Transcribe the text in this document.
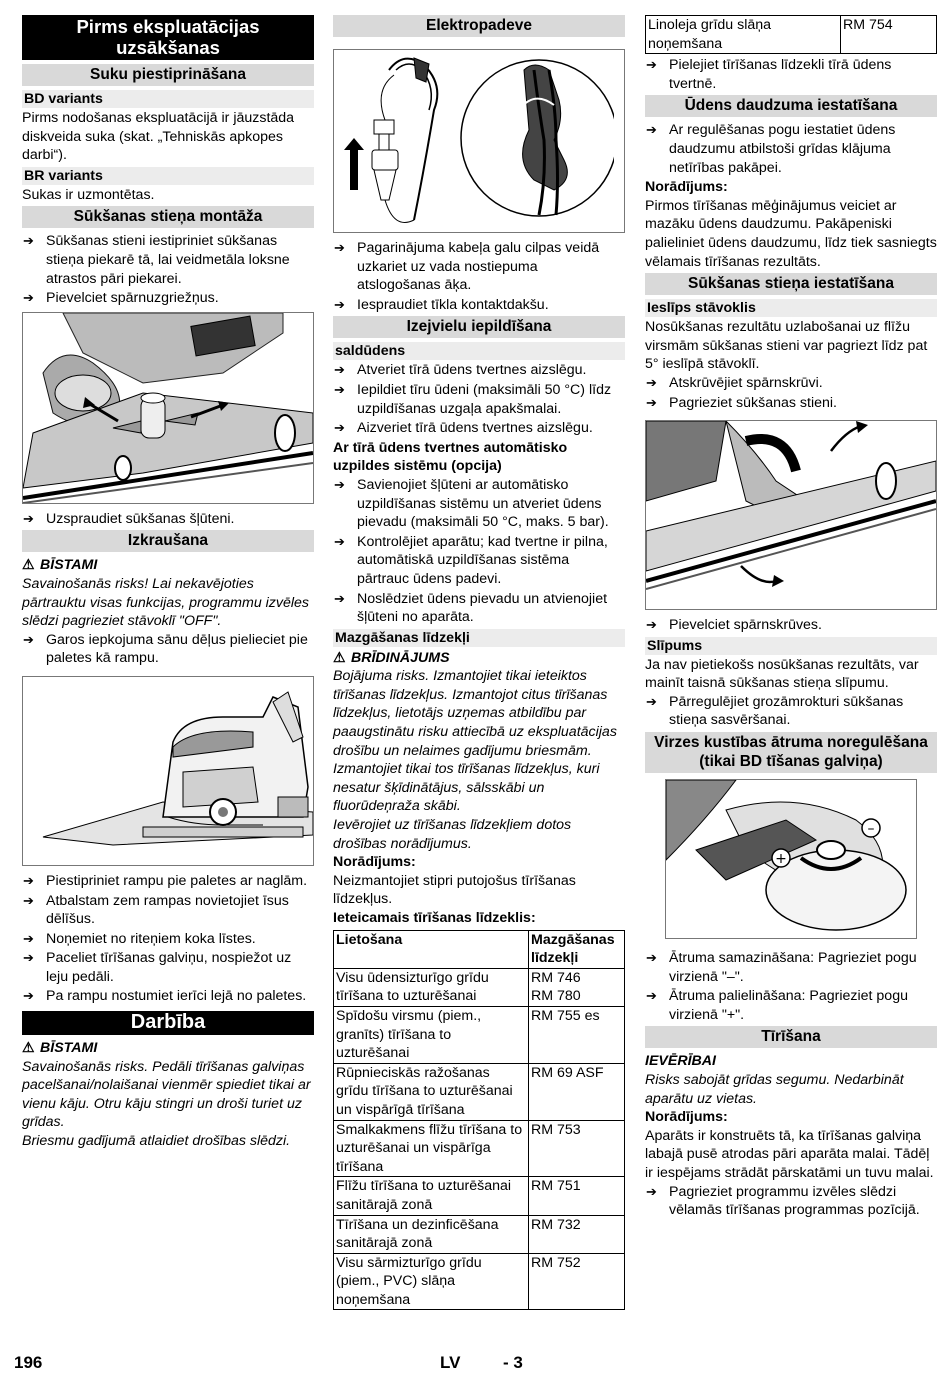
Pirms ekspluatācijas uzsākšanas
Suku piestiprināšana
BD variants

Pirms nodošanas ekspluatācijā ir jāuzstāda diskveida suka (skat. „Tehniskās apkopes darbi“).

BR variants

Sukas ir uzmontētas.

Sūkšanas stieņa montāža
➔ Sūkšanas stieni iestipriniet sūkšanas stieņa piekarē tā, lai veidmetāla loksne atrastos pāri piekarei.
➔ Pievelciet spārnuzgriežņus.
➔ Uzspraudiet sūkšanas šļūteni.
Izkraušana
⚠ BĪSTAMI

Savainošanās risks! Lai nekavējoties pārtrauktu visas funkcijas, programmu izvēles slēdzi pagrieziet stāvoklī "OFF".

➔ Garos iepkojuma sānu dēļus pielieciet pie paletes kā rampu.
➔ Piestipriniet rampu pie paletes ar naglām.
➔ Atbalstam zem rampas novietojiet īsus dēlīšus.
➔ Noņemiet no riteņiem koka līstes.
➔ Paceliet tīrīšanas galviņu, nospiežot uz leju pedāli.
➔ Pa rampu nostumiet ierīci lejā no paletes.
Darbība
⚠ BĪSTAMI

Savainošanās risks. Pedāli tīrīšanas galviņas pacelšanai/nolaišanai vienmēr spiediet tikai ar vienu kāju. Otru kāju stingri un droši turiet uz grīdas.

Briesmu gadījumā atlaidiet drošības slēdzi.

Elektropadeve
➔ Pagarinājuma kabeļa galu cilpas veidā uzkariet uz vada nostiepuma atslogošanas āķa.
➔ Iespraudiet tīkla kontaktdakšu.
Izejvielu iepildīšana
saldūdens
➔ Atveriet tīrā ūdens tvertnes aizslēgu.
➔ Iepildiet tīru ūdeni (maksimāli 50 °C) līdz uzpildīšanas uzgaļa apakšmalai.
➔ Aizveriet tīrā ūdens tvertnes aizslēgu.

Ar tīrā ūdens tvertnes automātisko uzpildes sistēmu (opcija)

➔ Savienojiet šļūteni ar automātisko uzpildīšanas sistēmu un atveriet ūdens pievadu (maksimāli 50 °C, maks. 5 bar).
➔ Kontrolējiet aparātu; kad tvertne ir pilna, automātiskā uzpildīšanas sistēma pārtrauc ūdens padevi.
➔ Noslēdziet ūdens pievadu un atvienojiet šļūteni no aparāta.
Mazgāšanas līdzekļi
⚠ BRĪDINĀJUMS

Bojājuma risks. Izmantojiet tikai ieteiktos tīrīšanas līdzekļus. Izmantojot citus tīrīšanas līdzekļus, lietotājs uzņemas atbildību par paaugstinātu risku attiecībā uz ekspluatācijas drošību un nelaimes gadījumu briesmām.

Izmantojiet tikai tos tīrīšanas līdzekļus, kuri nesatur šķīdinātājus, sālsskābi un fluorūdeņraža skābi.

Ievērojiet uz tīrīšanas līdzekļiem dotos drošības norādījumus.

Norādījums:

Neizmantojiet stipri putojošus tīrīšanas līdzekļus.

Ieteicamais tīrīšanas līdzeklis:

Lietošana	Mazgāšanas līdzekļi
Visu ūdensizturīgo grīdu tīrīšana to uzturēšanai	RM 746
RM 780
Spīdošu virsmu (piem., granīts) tīrīšana to uzturēšanai	RM 755 es
Rūpnieciskās ražošanas grīdu tīrīšana to uzturēšanai un vispārīgā tīrīšana	RM 69 ASF
Smalkakmens flīžu tīrīšana to uzturēšanai un vispārīga tīrīšana	RM 753
Flīžu tīrīšana to uzturēšanai sanitārajā zonā	RM 751
Tīrīšana un dezinficēšana sanitārajā zonā	RM 732
Visu sārmizturīgo grīdu (piem., PVC) slāņa noņemšana	RM 752
Linoleja grīdu slāņa noņemšana	RM 754
➔ Pielejiet tīrīšanas līdzekli tīrā ūdens tvertnē.
Ūdens daudzuma iestatīšana
➔ Ar regulēšanas pogu iestatiet ūdens daudzumu atbilstoši grīdas klājuma netīrības pakāpei.

Norādījums:

Pirmos tīrīšanas mēģinājumus veiciet ar mazāku ūdens daudzumu. Pakāpeniski palieliniet ūdens daudzumu, līdz tiek sasniegts vēlamais tīrīšanas rezultāts.

Sūkšanas stieņa iestatīšana
Ieslīps stāvoklis

Nosūkšanas rezultātu uzlabošanai uz flīžu virsmām sūkšanas stieni var pagriezt līdz pat 5° ieslīpā stāvoklī.

➔ Atskrūvējiet spārnskrūvi.
➔ Pagrieziet sūkšanas stieni.
➔ Pievelciet spārnskrūves.
Slīpums

Ja nav pietiekošs nosūkšanas rezultāts, var mainīt taisnā sūkšanas stieņa slīpumu.

➔ Pārregulējiet grozāmrokturi sūkšanas stieņa sasvēršanai.
Virzes kustības ātruma noregulēšana (tikai BD tīšanas galviņa)
+
–
➔ Ātruma samazināšana: Pagrieziet pogu virzienā "–".
➔ Ātruma palielināšana: Pagrieziet pogu virzienā "+".
Tīrīšana

IEVĒRĪBAI

Risks sabojāt grīdas segumu. Nedarbināt aparātu uz vietas.

Norādījums:

Aparāts ir konstruēts tā, ka tīrīšanas galviņa labajā pusē atrodas pāri aparāta malai. Tādēļ ir iespējams strādāt pārskatāmi un tuvu malai.

➔ Pagrieziet programmu izvēles slēdzi vēlamās tīrīšanas programmas pozīcijā.
196	LV	- 3
